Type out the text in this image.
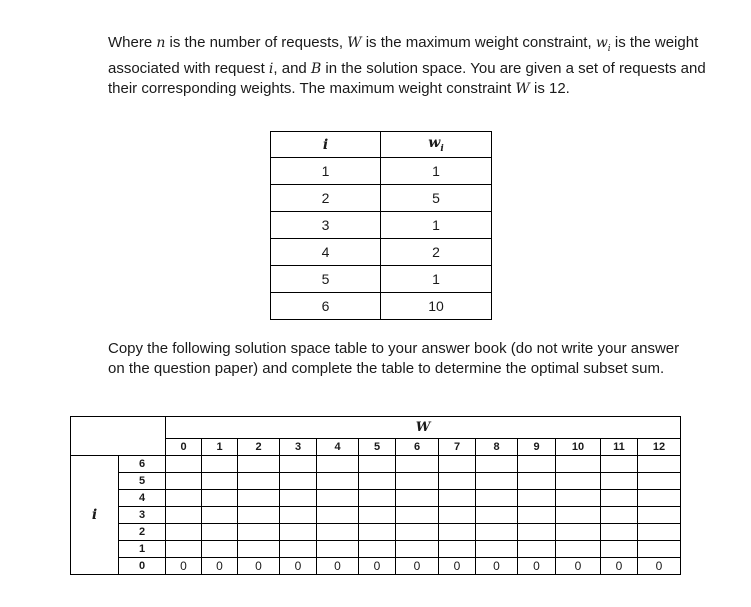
Where n is the number of requests, W is the maximum weight constraint, $w_i$ is the weight associated with request i, and B in the solution space. You are given a set of requests and their corresponding weights. The maximum weight constraint W is 12.
i	$w_i$
1	1
2	5
3	1
4	2
5	1
6	10
Copy the following solution space table to your answer book (do not write your answer on the question paper) and complete the table to determine the optimal subset sum.
		W												
		0	1	2	3	4	5	6	7	8	9	10	11	12
i	6													
	5													
	4													
	3													
	2													
	1													
	0	0	0	0	0	0	0	0	0	0	0	0	0	0
